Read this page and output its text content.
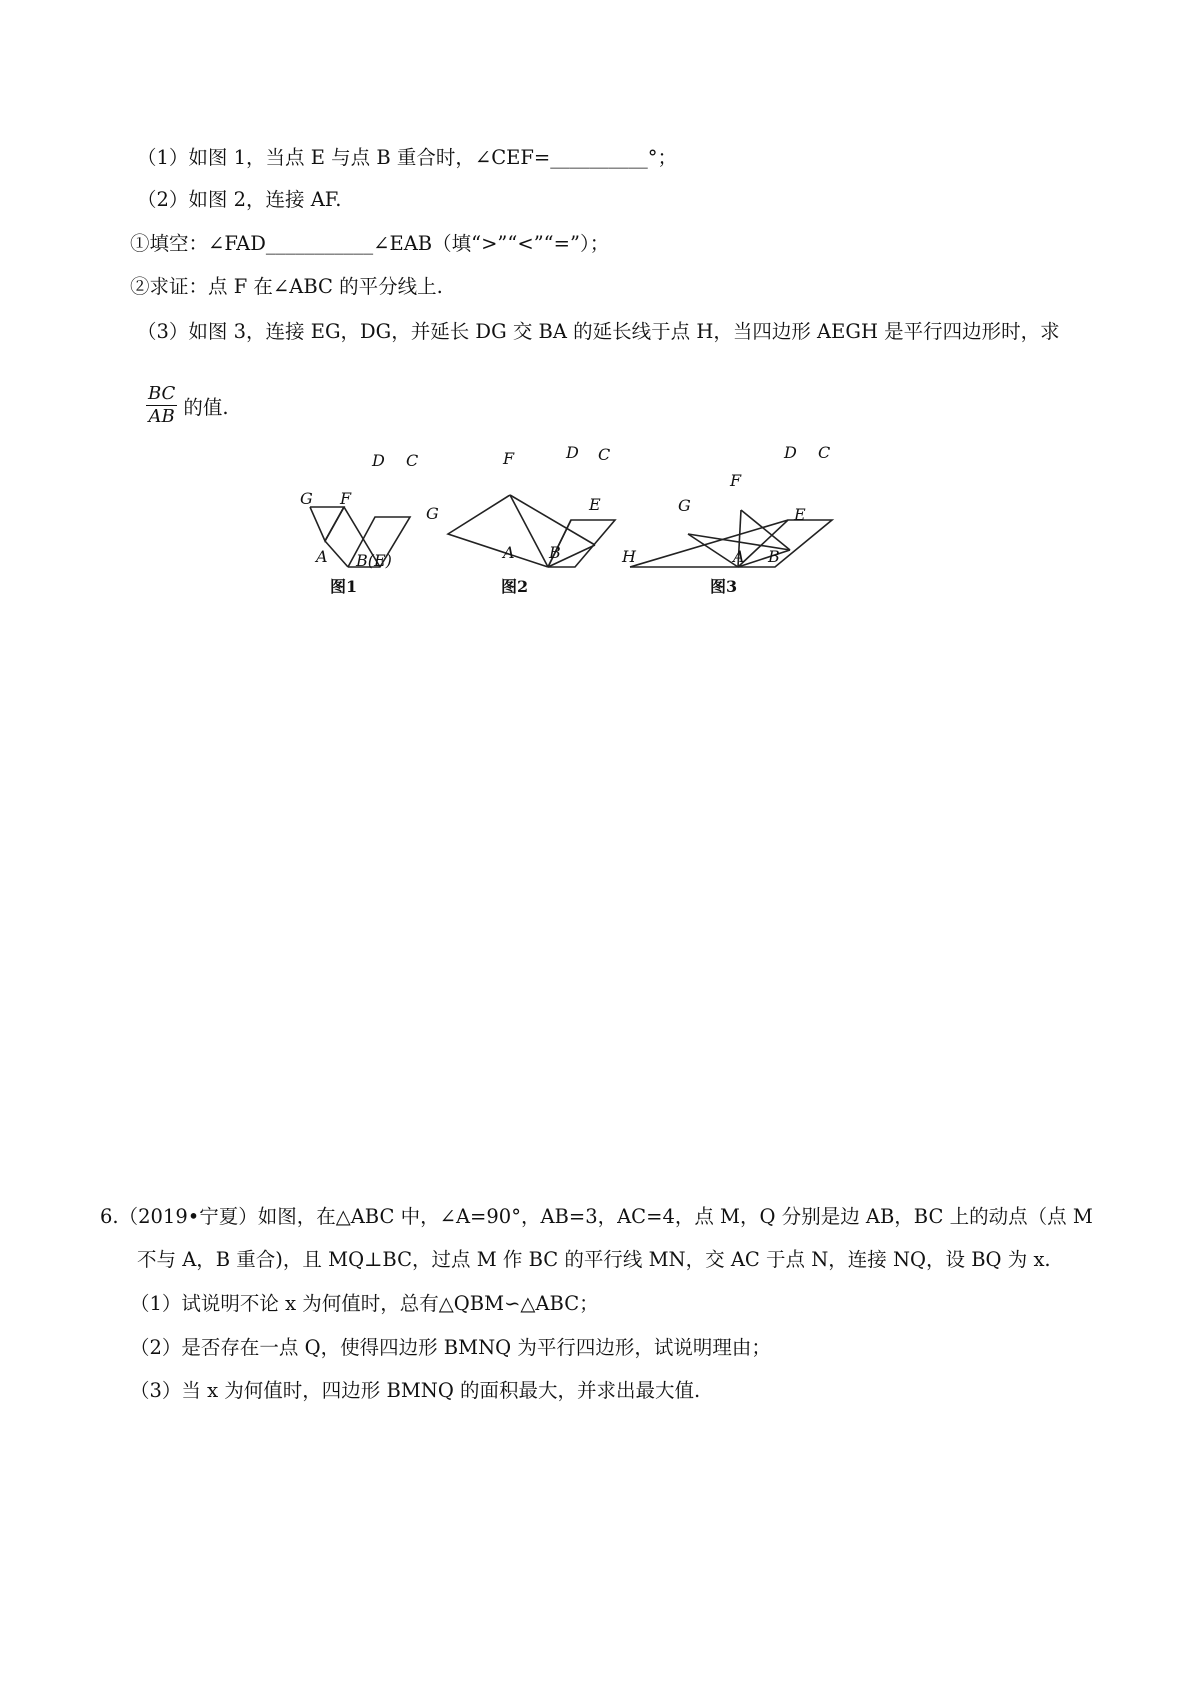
（1）如图 1，当点 E 与点 B 重合时，∠CEF=__________°；
（2）如图 2，连接 AF.
①填空：∠FAD___________∠EAB（填“>”“<”“=”）；
②求证：点 F 在∠ABC 的平分线上.
（3）如图 3，连接 EG，DG，并延长 DG 交 BA 的延长线于点 H，当四边形 AEGH 是平行四边形时，求
BC
AB 的值.
D C
G F
A B(E)
图1
F	D C
G	E
A B
图2
D C
F
G	E
H	A B
图3
6.（2019•宁夏）如图，在△ABC 中，∠A=90°，AB=3，AC=4，点 M，Q 分别是边 AB，BC 上的动点（点 M
不与 A，B 重合)，且 MQ⊥BC，过点 M 作 BC 的平行线 MN，交 AC 于点 N，连接 NQ，设 BQ 为 x.
（1）试说明不论 x 为何值时，总有△QBM∽△ABC；
（2）是否存在一点 Q，使得四边形 BMNQ 为平行四边形，试说明理由；
（3）当 x 为何值时，四边形 BMNQ 的面积最大，并求出最大值.
